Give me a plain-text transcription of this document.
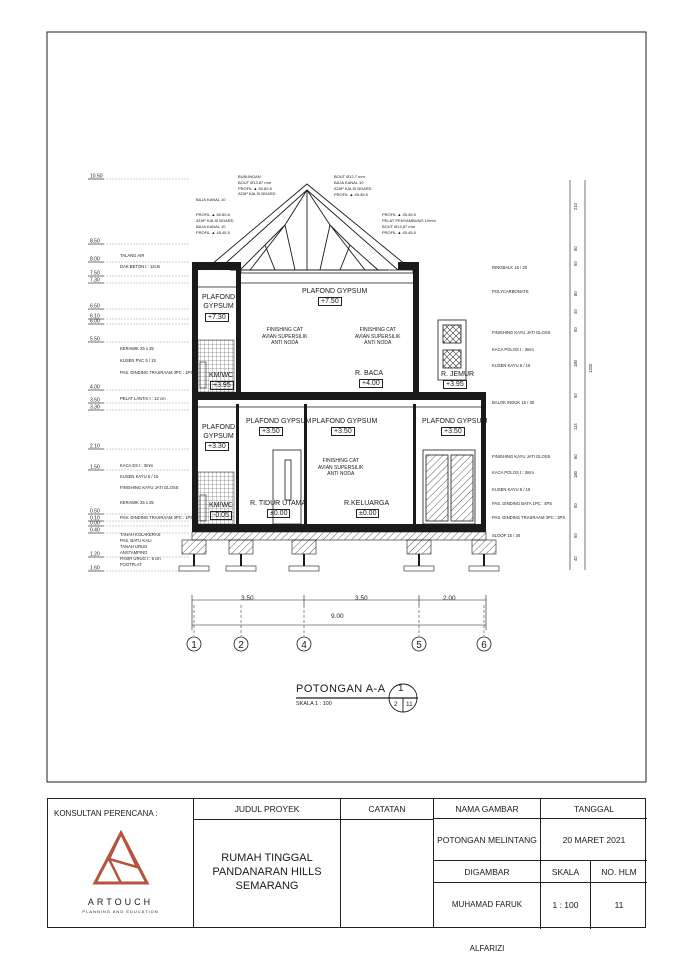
10.50
8.50
8.00
7.50
7.30
6.50
6.10
6.00
5.50
4.00
3.50
3.30
2.10
1.50
0.50
0.10
0.00
0.40
1.20
1.60
1	2	4	5	6
POTONGAN A-A
SKALA 1 : 100
1
2 11
PLAFOND
GYPSUM
+7.30
PLAFOND GYPSUM
+7.50
FINISHING CAT
AVIAN SUPERSILIK
ANTI NODA
FINISHING CAT
AVIAN SUPERSILIK
ANTI NODA
KM/WC
+3.95
R. BACA
+4.00
R. JEMUR
+3.95
PLAFOND
GYPSUM
+3.30
PLAFOND GYPSUM
+3.50
PLAFOND GYPSUM
+3.50
PLAFOND GYPSUM
+3.50
FINISHING CAT
AVIAN SUPERSILIK
ANTI NODA
KM/WC
-0.05
R. TIDUR UTAMA
±0.00
R.KELUARGA
±0.00
TALANG AIR
DAK BETON t : 12cm
KERAMIK 25 x 25
KUSEN PVC 5 / 15
PAS. DINDING TRASRAAM 3PC : 1PS
PELAT LANTAI t : 12 cm
KACA ES t : 3mm
KUSEN KAYU 6 / 15
FINISHING KAYU JATI GLOSS
KERAMIK 25 x 25
PAS. DINDING TRASRAAM 3PC : 1PS
TANAH KOLAKERAS
PAS. BATU KALI
TANAH URUG
ANSTAMPING
PASIR URUG t : 5 cm
FOOTPLAT
RINGBALK 15 / 20
POLYCARBONATE
FINISHING KAYU JATI GLOSS
KACA POLOS t : 3mm
KUSEN KAYU 6 / 15
BALOK INDUK 15 / 30
FINISHING KAYU JATI GLOSS
KACA POLOS t : 3mm
KUSEN KAYU 6 / 15
PAS. DINDING BATA 1PC : 4PS
PAS. DINDING TRASRAAM 3PC : 3PS
SLOOF 15 / 30
BUBUNGAN
BOUT Ø13,87 mm
PROFIL ▲ 60.60.6
ATAP KALSI BOARD
BAJA KANAL 10
PROFIL ▲ 60.60.6
ATAP KALSI BOARD
BAJA KANAL 10
PROFIL ▲ 45.45.5
BOUT Ø12,7 mm
BAJA KANAL 10
ATAP KALSI BOARD
PROFIL ▲ 45.45.5
PROFIL ▲ 45.45.5
PELAT PENYAMBUNG 10mm
BOUT Ø13,87 mm
PROFIL ▲ 45.45.5
3.50	3.50	2.00
9.00
210
50
50
80
40
50
180
1200
50
114
60
180
50
50
40
KONSULTAN PERENCANA :
ARTOUCH
PLANNING AND EDUCATION
JUDUL PROYEK
RUMAH TINGGAL
PANDANARAN HILLS
SEMARANG
CATATAN	NAMA GAMBAR	TANGGAL
POTONGAN MELINTANG	20 MARET 2021
DIGAMBAR	SKALA	NO. HLM
MUHAMAD FARUK ALFARIZI
1 : 100	11
